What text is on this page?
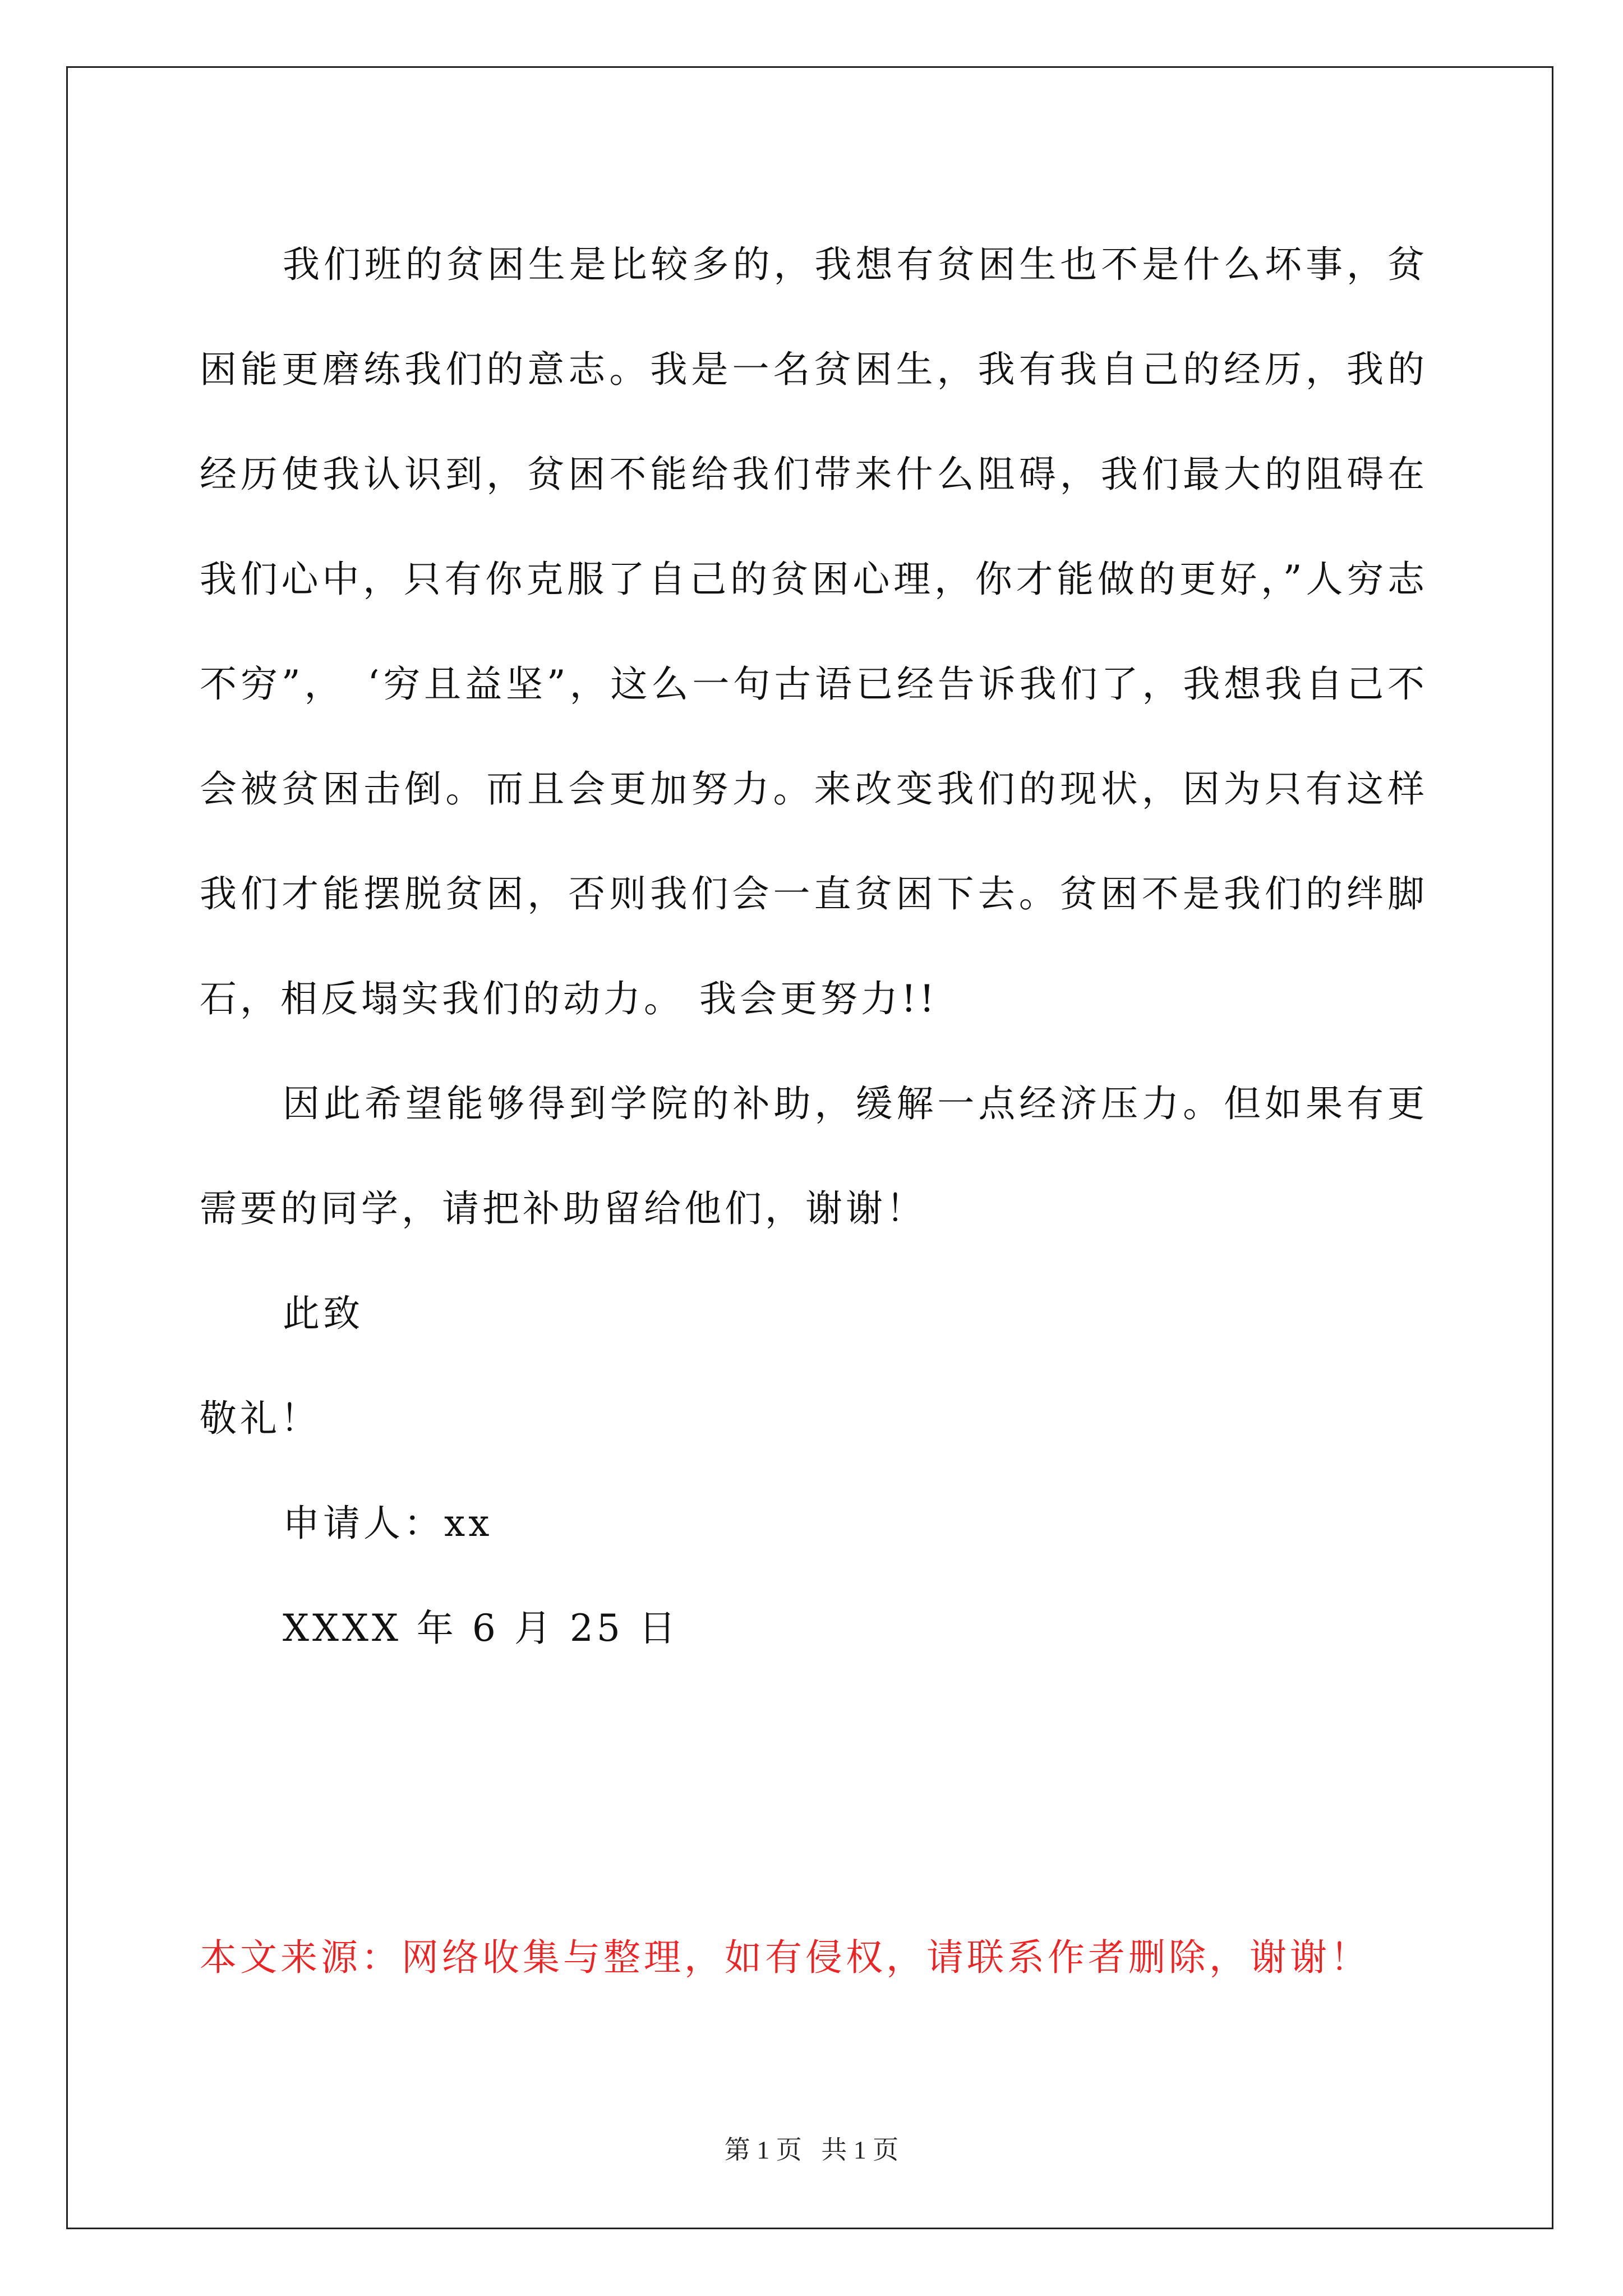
我们班的贫困生是比较多的，我想有贫困生也不是什么坏事，贫困能更磨练我们的意志。我是一名贫困生，我有我自己的经历，我的经历使我认识到，贫困不能给我们带来什么阻碍，我们最大的阻碍在我们心中，只有你克服了自己的贫困心理，你才能做的更好，”人穷志不穷”，　‘穷且益坚”，这么一句古语已经告诉我们了，我想我自己不会被贫困击倒。而且会更加努力。来改变我们的现状，因为只有这样我们才能摆脱贫困，否则我们会一直贫困下去。贫困不是我们的绊脚石，相反塌实我们的动力。 我会更努力!!

因此希望能够得到学院的补助，缓解一点经济压力。但如果有更需要的同学，请把补助留给他们，谢谢！

此致

敬礼！

申请人：xx

XXXX 年 6 月 25 日

本文来源：网络收集与整理，如有侵权，请联系作者删除，谢谢！

第 1 页   共 1 页
